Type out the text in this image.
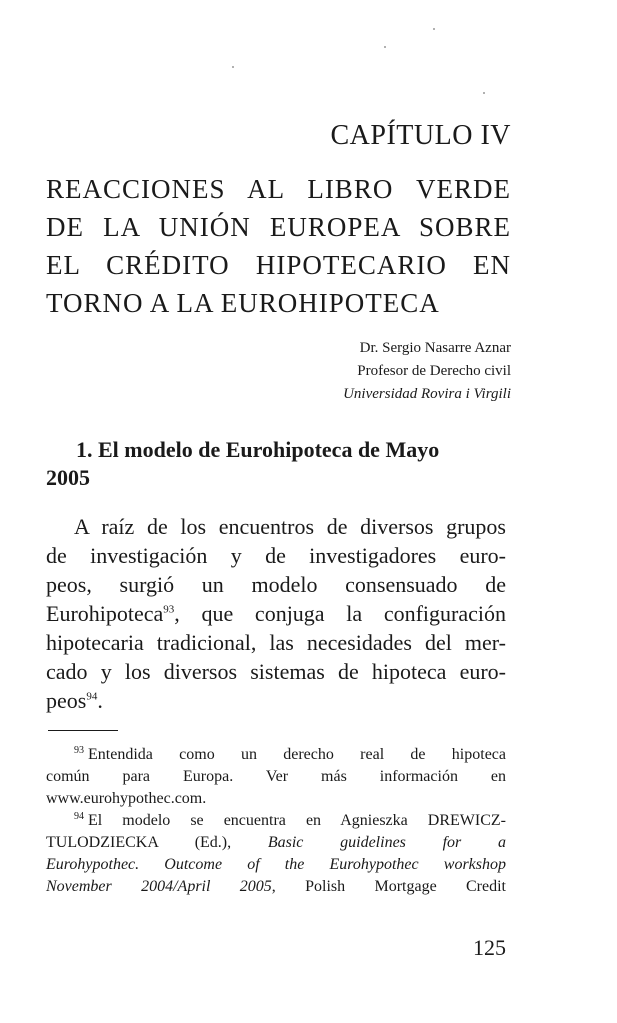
CAPÍTULO IV
REACCIONES AL LIBRO VERDE
DE LA UNIÓN EUROPEA SOBRE
EL CRÉDITO HIPOTECARIO EN
TORNO A LA EUROHIPOTECA
Dr. Sergio Nasarre Aznar
Profesor de Derecho civil
Universidad Rovira i Virgili
1. El modelo de Eurohipoteca de Mayo
2005
A raíz de los encuentros de diversos grupos
de investigación y de investigadores euro-
peos, surgió un modelo consensuado de
Eurohipoteca$^{93}$, que conjuga la configuración
hipotecaria tradicional, las necesidades del mer-
cado y los diversos sistemas de hipoteca euro-
peos$^{94}$.
$^{93}$ Entendida como un derecho real de hipoteca
común para Europa. Ver más información en
www.eurohypothec.com.
$^{94}$ El modelo se encuentra en Agnieszka DREWICZ-
TULODZIECKA (Ed.), Basic guidelines for a
Eurohypothec. Outcome of the Eurohypothec workshop
November 2004/April 2005, Polish Mortgage Credit
125
